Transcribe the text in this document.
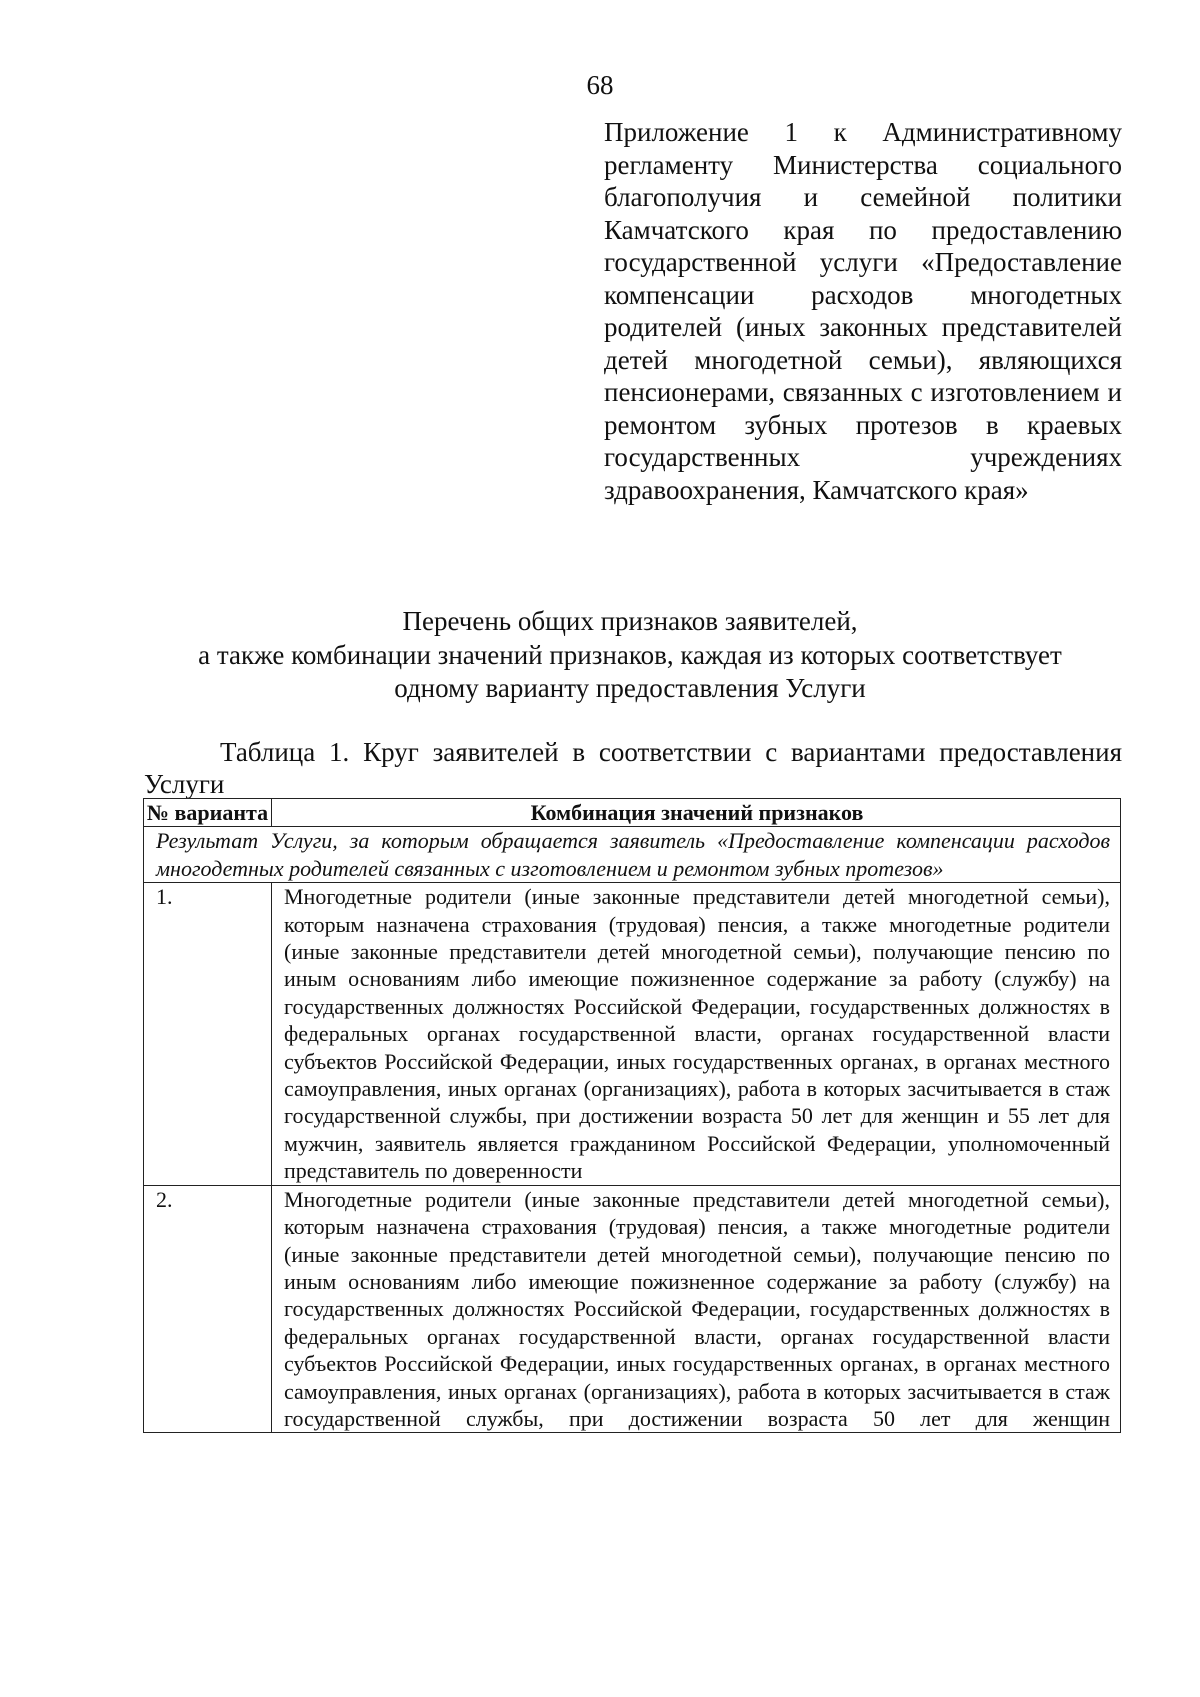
68
Приложение 1 к Административному регламенту Министерства социального благополучия и семейной политики Камчатского края по предоставлению государственной услуги «Предоставление компенсации расходов многодетных родителей (иных законных представителей детей многодетной семьи), являющихся пенсионерами, связанных с изготовлением и ремонтом зубных протезов в краевых государственных учреждениях здравоохранения, Камчатского края»
Перечень общих признаков заявителей,
а также комбинации значений признаков, каждая из которых соответствует
одному варианту предоставления Услуги
Таблица 1. Круг заявителей в соответствии с вариантами предоставления Услуги
№ варианта	Комбинация значений признаков
Результат Услуги, за которым обращается заявитель «Предоставление компенсации расходов многодетных родителей связанных с изготовлением и ремонтом зубных протезов»	
1.	Многодетные родители (иные законные представители детей многодетной семьи), которым назначена страхования (трудовая) пенсия, а также многодетные родители (иные законные представители детей многодетной семьи), получающие пенсию по иным основаниям либо имеющие пожизненное содержание за работу (службу) на государственных должностях Российской Федерации, государственных должностях в федеральных органах государственной власти, органах государственной власти субъектов Российской Федерации, иных государственных органах, в органах местного самоуправления, иных органах (организациях), работа в которых засчитывается в стаж государственной службы, при достижении возраста 50 лет для женщин и 55 лет для мужчин, заявитель является гражданином Российской Федерации, уполномоченный представитель по доверенности
2.	Многодетные родители (иные законные представители детей многодетной семьи), которым назначена страхования (трудовая) пенсия, а также многодетные родители (иные законные представители детей многодетной семьи), получающие пенсию по иным основаниям либо имеющие пожизненное содержание за работу (службу) на государственных должностях Российской Федерации, государственных должностях в федеральных органах государственной власти, органах государственной власти субъектов Российской Федерации, иных государственных органах, в органах местного самоуправления, иных органах (организациях), работа в которых засчитывается в стаж государственной службы, при достижении возраста 50 лет для женщин
